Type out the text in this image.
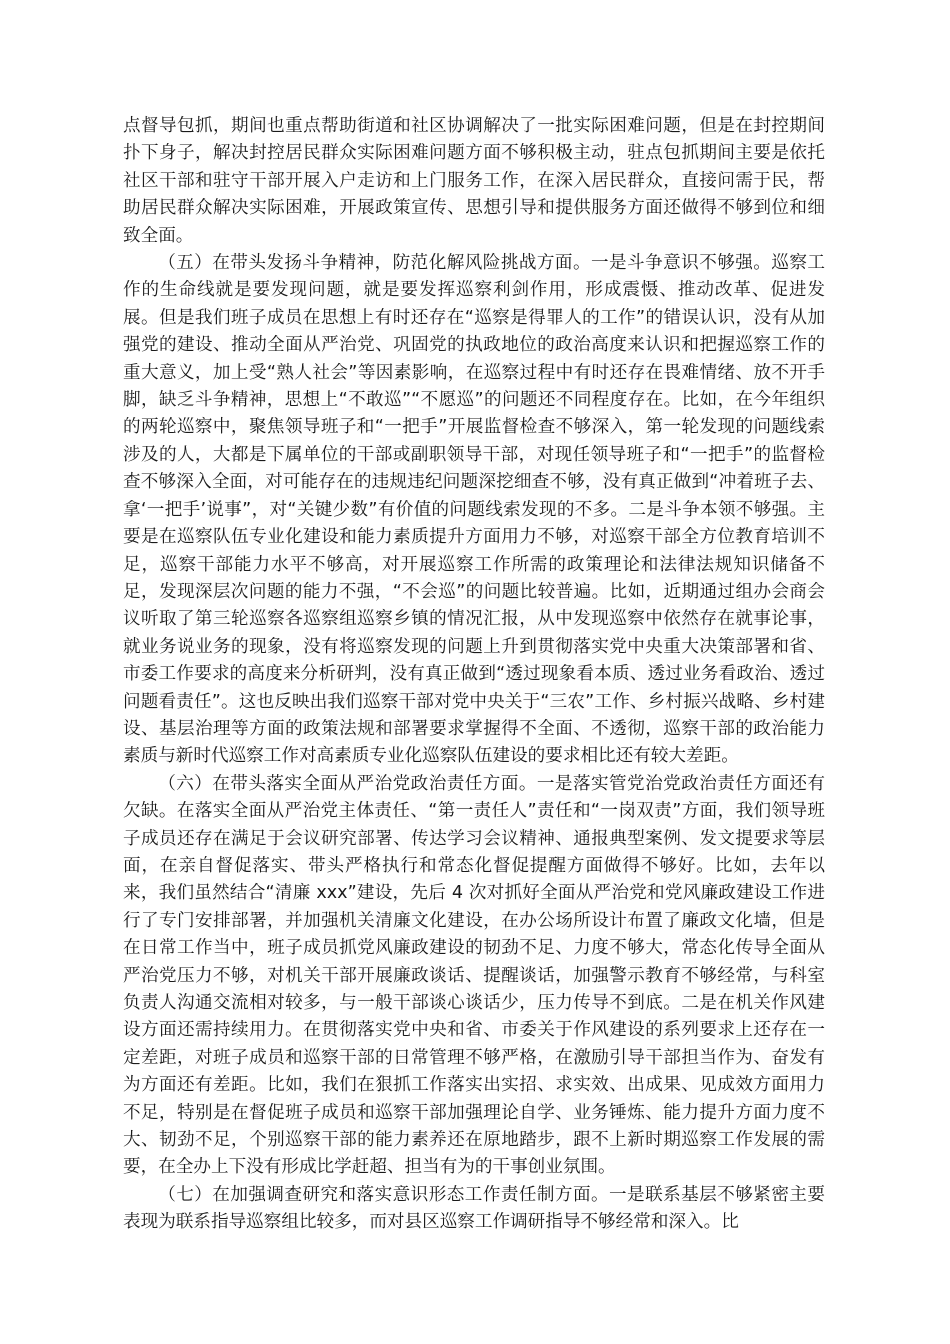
点督导包抓，期间也重点帮助街道和社区协调解决了一批实际困难问题，但是在封控期间扑下身子，解决封控居民群众实际困难问题方面不够积极主动，驻点包抓期间主要是依托社区干部和驻守干部开展入户走访和上门服务工作，在深入居民群众，直接问需于民，帮助居民群众解决实际困难，开展政策宣传、思想引导和提供服务方面还做得不够到位和细致全面。

（五）在带头发扬斗争精神，防范化解风险挑战方面。一是斗争意识不够强。巡察工作的生命线就是要发现问题，就是要发挥巡察利剑作用，形成震慑、推动改革、促进发展。但是我们班子成员在思想上有时还存在“巡察是得罪人的工作”的错误认识，没有从加强党的建设、推动全面从严治党、巩固党的执政地位的政治高度来认识和把握巡察工作的重大意义，加上受“熟人社会”等因素影响，在巡察过程中有时还存在畏难情绪、放不开手脚，缺乏斗争精神，思想上“不敢巡”“不愿巡”的问题还不同程度存在。比如，在今年组织的两轮巡察中，聚焦领导班子和“一把手”开展监督检查不够深入，第一轮发现的问题线索涉及的人，大都是下属单位的干部或副职领导干部，对现任领导班子和“一把手”的监督检查不够深入全面，对可能存在的违规违纪问题深挖细查不够，没有真正做到“冲着班子去、拿‘一把手’说事”，对“关键少数”有价值的问题线索发现的不多。二是斗争本领不够强。主要是在巡察队伍专业化建设和能力素质提升方面用力不够，对巡察干部全方位教育培训不足，巡察干部能力水平不够高，对开展巡察工作所需的政策理论和法律法规知识储备不足，发现深层次问题的能力不强，“不会巡”的问题比较普遍。比如，近期通过组办会商会议听取了第三轮巡察各巡察组巡察乡镇的情况汇报，从中发现巡察中依然存在就事论事，就业务说业务的现象，没有将巡察发现的问题上升到贯彻落实党中央重大决策部署和省、市委工作要求的高度来分析研判，没有真正做到“透过现象看本质、透过业务看政治、透过问题看责任”。这也反映出我们巡察干部对党中央关于“三农”工作、乡村振兴战略、乡村建设、基层治理等方面的政策法规和部署要求掌握得不全面、不透彻，巡察干部的政治能力素质与新时代巡察工作对高素质专业化巡察队伍建设的要求相比还有较大差距。

（六）在带头落实全面从严治党政治责任方面。一是落实管党治党政治责任方面还有欠缺。在落实全面从严治党主体责任、“第一责任人”责任和“一岗双责”方面，我们领导班子成员还存在满足于会议研究部署、传达学习会议精神、通报典型案例、发文提要求等层面，在亲自督促落实、带头严格执行和常态化督促提醒方面做得不够好。比如，去年以来，我们虽然结合“清廉 xxx”建设，先后 4 次对抓好全面从严治党和党风廉政建设工作进行了专门安排部署，并加强机关清廉文化建设，在办公场所设计布置了廉政文化墙，但是在日常工作当中，班子成员抓党风廉政建设的韧劲不足、力度不够大，常态化传导全面从严治党压力不够，对机关干部开展廉政谈话、提醒谈话，加强警示教育不够经常，与科室负责人沟通交流相对较多，与一般干部谈心谈话少，压力传导不到底。二是在机关作风建设方面还需持续用力。在贯彻落实党中央和省、市委关于作风建设的系列要求上还存在一定差距，对班子成员和巡察干部的日常管理不够严格，在激励引导干部担当作为、奋发有为方面还有差距。比如，我们在狠抓工作落实出实招、求实效、出成果、见成效方面用力不足，特别是在督促班子成员和巡察干部加强理论自学、业务锤炼、能力提升方面力度不大、韧劲不足，个别巡察干部的能力素养还在原地踏步，跟不上新时期巡察工作发展的需要，在全办上下没有形成比学赶超、担当有为的干事创业氛围。

（七）在加强调查研究和落实意识形态工作责任制方面。一是联系基层不够紧密主要表现为联系指导巡察组比较多，而对县区巡察工作调研指导不够经常和深入。比
